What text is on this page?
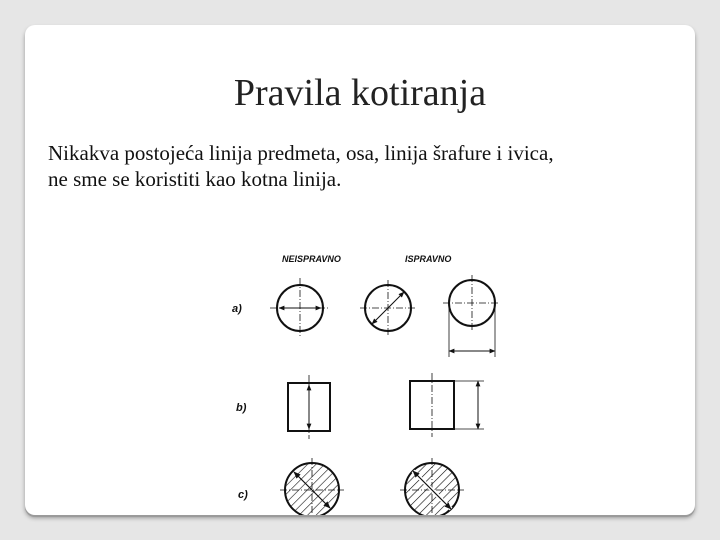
Pravila kotiranja
Nikakva postojeća linija predmeta, osa, linija šrafure i ivica,
ne sme se koristiti kao kotna linija.
NEISPRAVNO	ISPRAVNO
a)
b)
c)
